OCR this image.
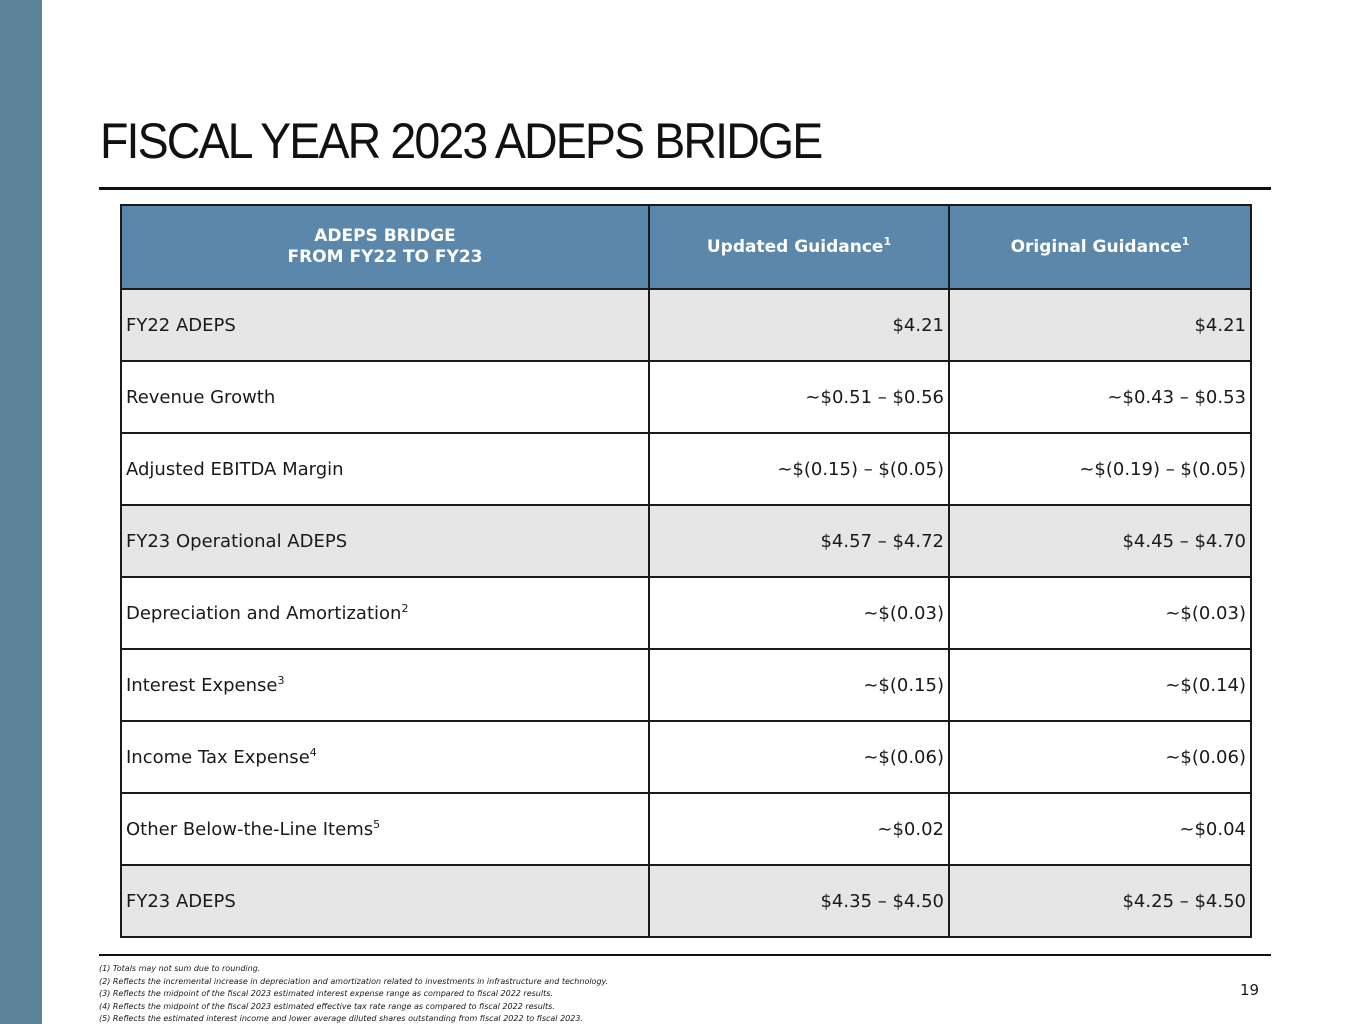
FISCAL YEAR 2023 ADEPS BRIDGE
ADEPS BRIDGE
FROM FY22 TO FY23	Updated Guidance$^1$	Original Guidance$^1$
FY22 ADEPS	$4.21	$4.21
Revenue Growth	~$0.51 – $0.56	~$0.43 – $0.53
Adjusted EBITDA Margin	~$(0.15) – $(0.05)	~$(0.19) – $(0.05)
FY23 Operational ADEPS	$4.57 – $4.72	$4.45 – $4.70
Depreciation and Amortization$^2$	~$(0.03)	~$(0.03)
Interest Expense$^3$	~$(0.15)	~$(0.14)
Income Tax Expense$^4$	~$(0.06)	~$(0.06)
Other Below-the-Line Items$^5$	~$0.02	~$0.04
FY23 ADEPS	$4.35 – $4.50	$4.25 – $4.50
(1) Totals may not sum due to rounding.
(2) Reflects the incremental increase in depreciation and amortization related to investments in infrastructure and technology.
(3) Reflects the midpoint of the fiscal 2023 estimated interest expense range as compared to fiscal 2022 results.
(4) Reflects the midpoint of the fiscal 2023 estimated effective tax rate range as compared to fiscal 2022 results.
(5) Reflects the estimated interest income and lower average diluted shares outstanding from fiscal 2022 to fiscal 2023.
19
